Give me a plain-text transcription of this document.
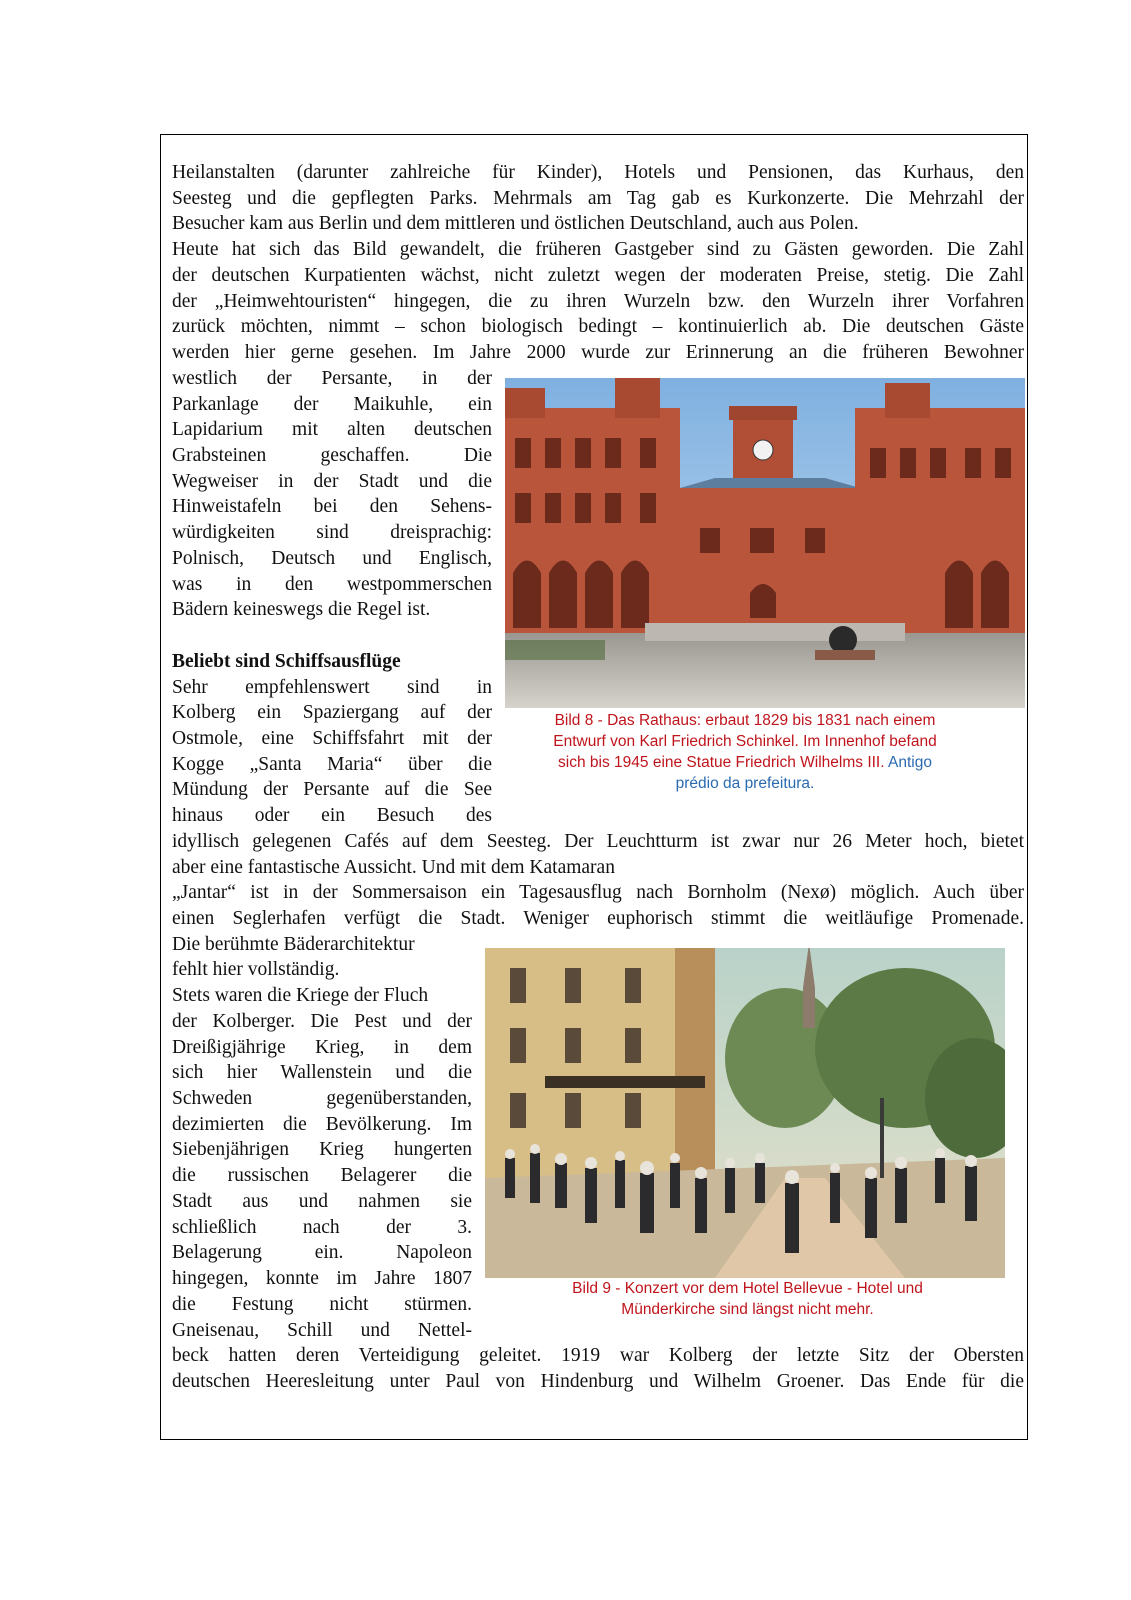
Heilanstalten (darunter zahlreiche für Kinder), Hotels und Pensionen, das Kurhaus, den
Seesteg und die gepflegten Parks. Mehrmals am Tag gab es Kurkonzerte. Die Mehrzahl der
Besucher kam aus Berlin und dem mittleren und östlichen Deutschland, auch aus Polen.
Heute hat sich das Bild gewandelt, die früheren Gastgeber sind zu Gästen geworden. Die Zahl
der deutschen Kurpatienten wächst, nicht zuletzt wegen der moderaten Preise, stetig. Die Zahl
der „Heimwehtouristen“ hingegen, die zu ihren Wurzeln bzw. den Wurzeln ihrer Vorfahren
zurück möchten, nimmt – schon biologisch bedingt – kontinuierlich ab. Die deutschen Gäste
werden hier gerne gesehen. Im Jahre 2000 wurde zur Erinnerung an die früheren Bewohner
westlich der Persante, in der
Parkanlage der Maikuhle, ein
Lapidarium mit alten deutschen
Grabsteinen geschaffen. Die
Wegweiser in der Stadt und die
Hinweistafeln bei den Sehens-
würdigkeiten sind dreisprachig:
Polnisch, Deutsch und Englisch,
was in den westpommerschen
Bädern keineswegs die Regel ist.
Beliebt sind Schiffsausflüge
Sehr empfehlenswert sind in
Kolberg ein Spaziergang auf der
Ostmole, eine Schiffsfahrt mit der
Kogge „Santa Maria“ über die
Mündung der Persante auf die See
hinaus oder ein Besuch des
idyllisch gelegenen Cafés auf dem Seesteg. Der Leuchtturm ist zwar nur 26 Meter hoch, bietet
aber eine fantastische Aussicht. Und mit dem Katamaran
„Jantar“ ist in der Sommersaison ein Tagesausflug nach Bornholm (Nexø) möglich. Auch über
einen Seglerhafen verfügt die Stadt. Weniger euphorisch stimmt die weitläufige Promenade.
Die berühmte Bäderarchitektur
fehlt hier vollständig.
Stets waren die Kriege der Fluch
der Kolberger. Die Pest und der
Dreißigjährige Krieg, in dem
sich hier Wallenstein und die
Schweden gegenüberstanden,
dezimierten die Bevölkerung. Im
Siebenjährigen Krieg hungerten
die russischen Belagerer die
Stadt aus und nahmen sie
schließlich nach der 3.
Belagerung ein. Napoleon
hingegen, konnte im Jahre 1807
die Festung nicht stürmen.
Gneisenau, Schill und Nettel-
beck hatten deren Verteidigung geleitet. 1919 war Kolberg der letzte Sitz der Obersten
deutschen Heeresleitung unter Paul von Hindenburg und Wilhelm Groener. Das Ende für die
Bild 8 - Das Rathaus: erbaut 1829 bis 1831 nach einem
Entwurf von Karl Friedrich Schinkel. Im Innenhof befand
sich bis 1945 eine Statue Friedrich Wilhelms III. Antigo
prédio da prefeitura.
Bild 9 - Konzert vor dem Hotel Bellevue - Hotel und
Münderkirche sind längst nicht mehr.
